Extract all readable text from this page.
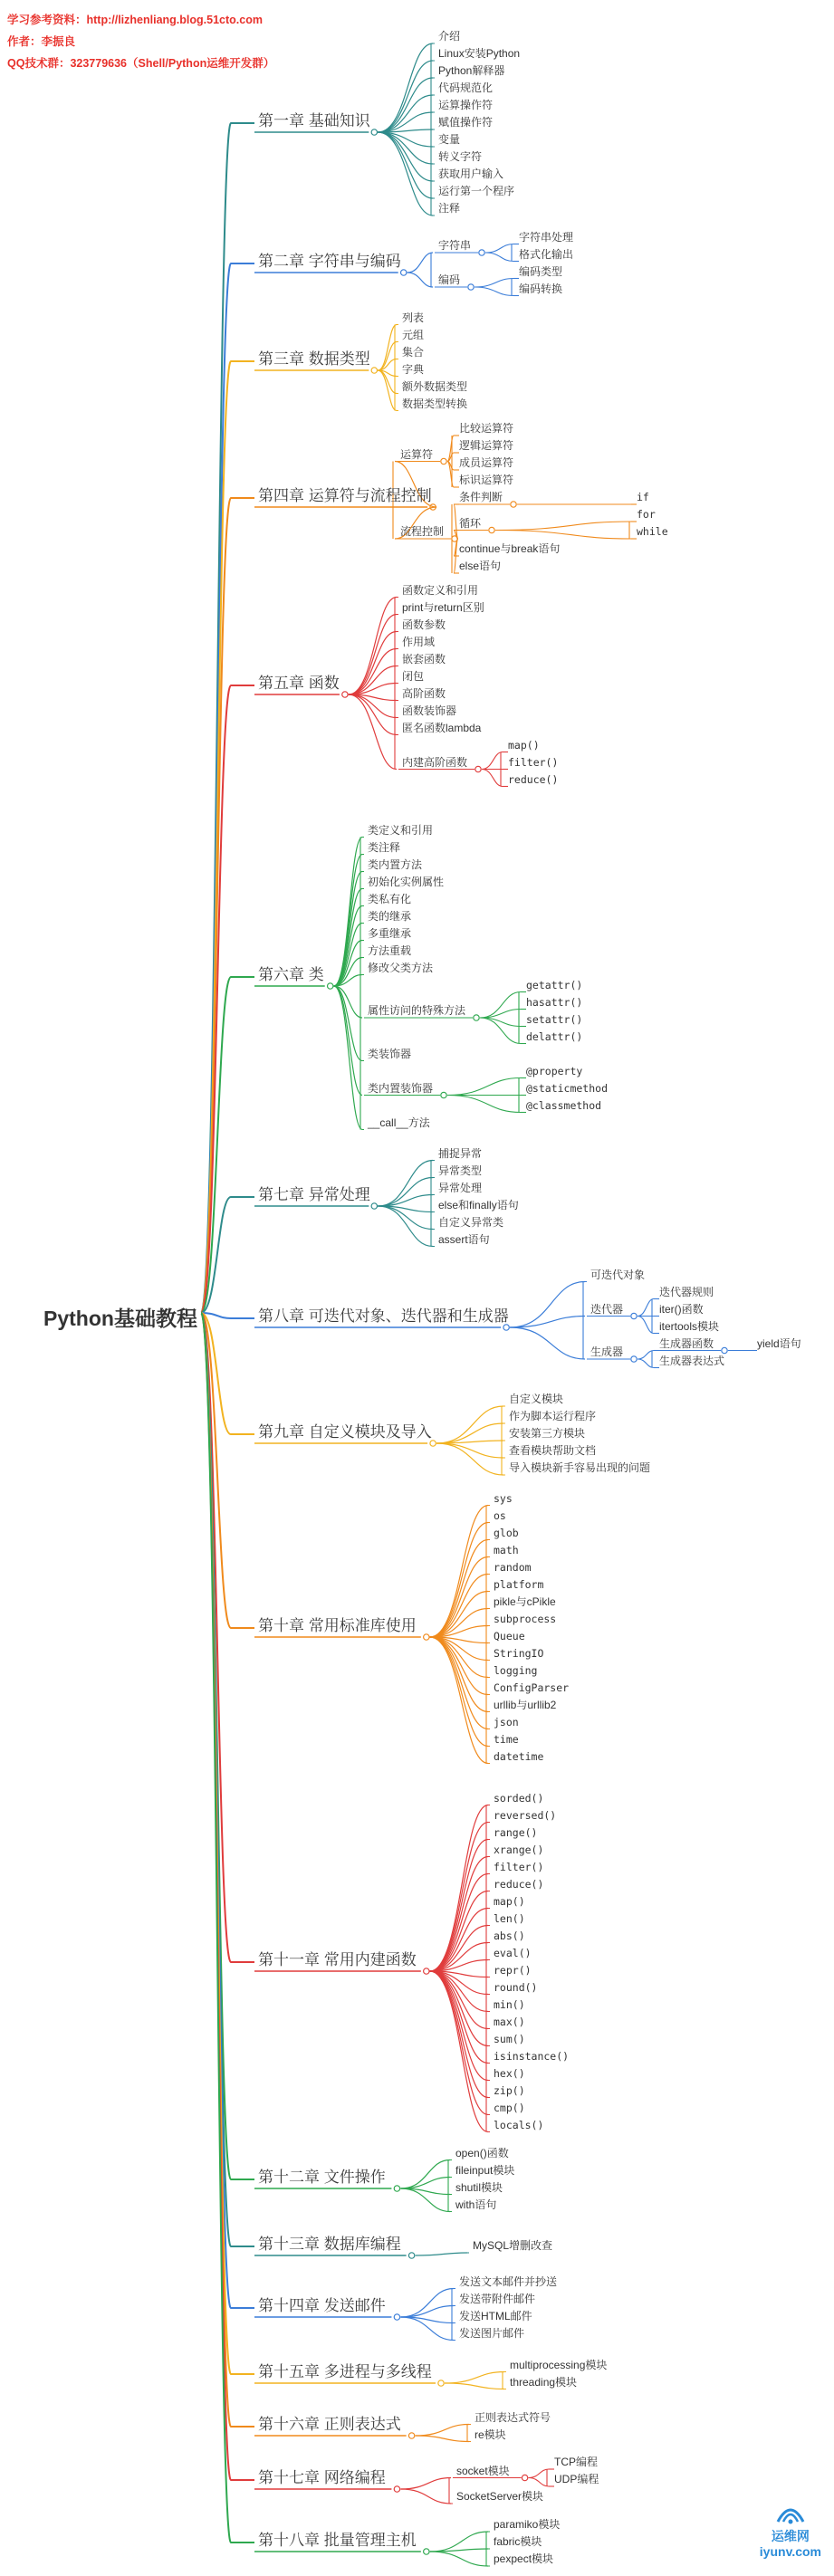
第一章 基础知识
介绍
Linux安装Python
Python解释器
代码规范化
运算操作符
赋值操作符
变量
转义字符
获取用户输入
运行第一个程序
注释
第二章 字符串与编码
字符串
字符串处理
格式化输出
编码
编码类型
编码转换
第三章 数据类型
列表
元组
集合
字典
额外数据类型
数据类型转换
第四章 运算符与流程控制
运算符
比较运算符
逻辑运算符
成员运算符
标识运算符
流程控制
条件判断	if
循环
for
while
continue与break语句
else语句
第五章 函数
函数定义和引用
print与return区别
函数参数
作用域
嵌套函数
闭包
高阶函数
函数装饰器
匿名函数lambda
内建高阶函数
map()
filter()
reduce()
第六章 类
类定义和引用
类注释
类内置方法
初始化实例属性
类私有化
类的继承
多重继承
方法重载
修改父类方法
属性访问的特殊方法
getattr()
hasattr()
setattr()
delattr()
类装饰器
类内置装饰器
@property
@staticmethod
@classmethod
__call__方法
第七章 异常处理
捕捉异常
异常类型
异常处理
else和finally语句
自定义异常类
assert语句
第八章 可迭代对象、迭代器和生成器
可迭代对象
迭代器
迭代器规则
iter()函数
itertools模块
生成器
生成器函数	yield语句
生成器表达式
第九章 自定义模块及导入
自定义模块
作为脚本运行程序
安装第三方模块
查看模块帮助文档
导入模块新手容易出现的问题
第十章 常用标准库使用
sys
os
glob
math
random
platform
pikle与cPikle
subprocess
Queue
StringIO
logging
ConfigParser
urllib与urllib2
json
time
datetime
第十一章 常用内建函数
sorded()
reversed()
range()
xrange()
filter()
reduce()
map()
len()
abs()
eval()
repr()
round()
min()
max()
sum()
isinstance()
hex()
zip()
cmp()
locals()
第十二章 文件操作
open()函数
fileinput模块
shutil模块
with语句
第十三章 数据库编程	MySQL增删改查
第十四章 发送邮件
发送文本邮件并抄送
发送带附件邮件
发送HTML邮件
发送图片邮件
第十五章 多进程与多线程	multiprocessing模块
threading模块
第十六章 正则表达式	正则表达式符号
re模块
第十七章 网络编程	socket模块
TCP编程
UDP编程
SocketServer模块
第十八章 批量管理主机
paramiko模块
fabric模块
pexpect模块
学习参考资料：http://lizhenliang.blog.51cto.com
作者：李振良
QQ技术群：323779636（Shell/Python运维开发群）
Python基础教程
运维网
iyunv.com
